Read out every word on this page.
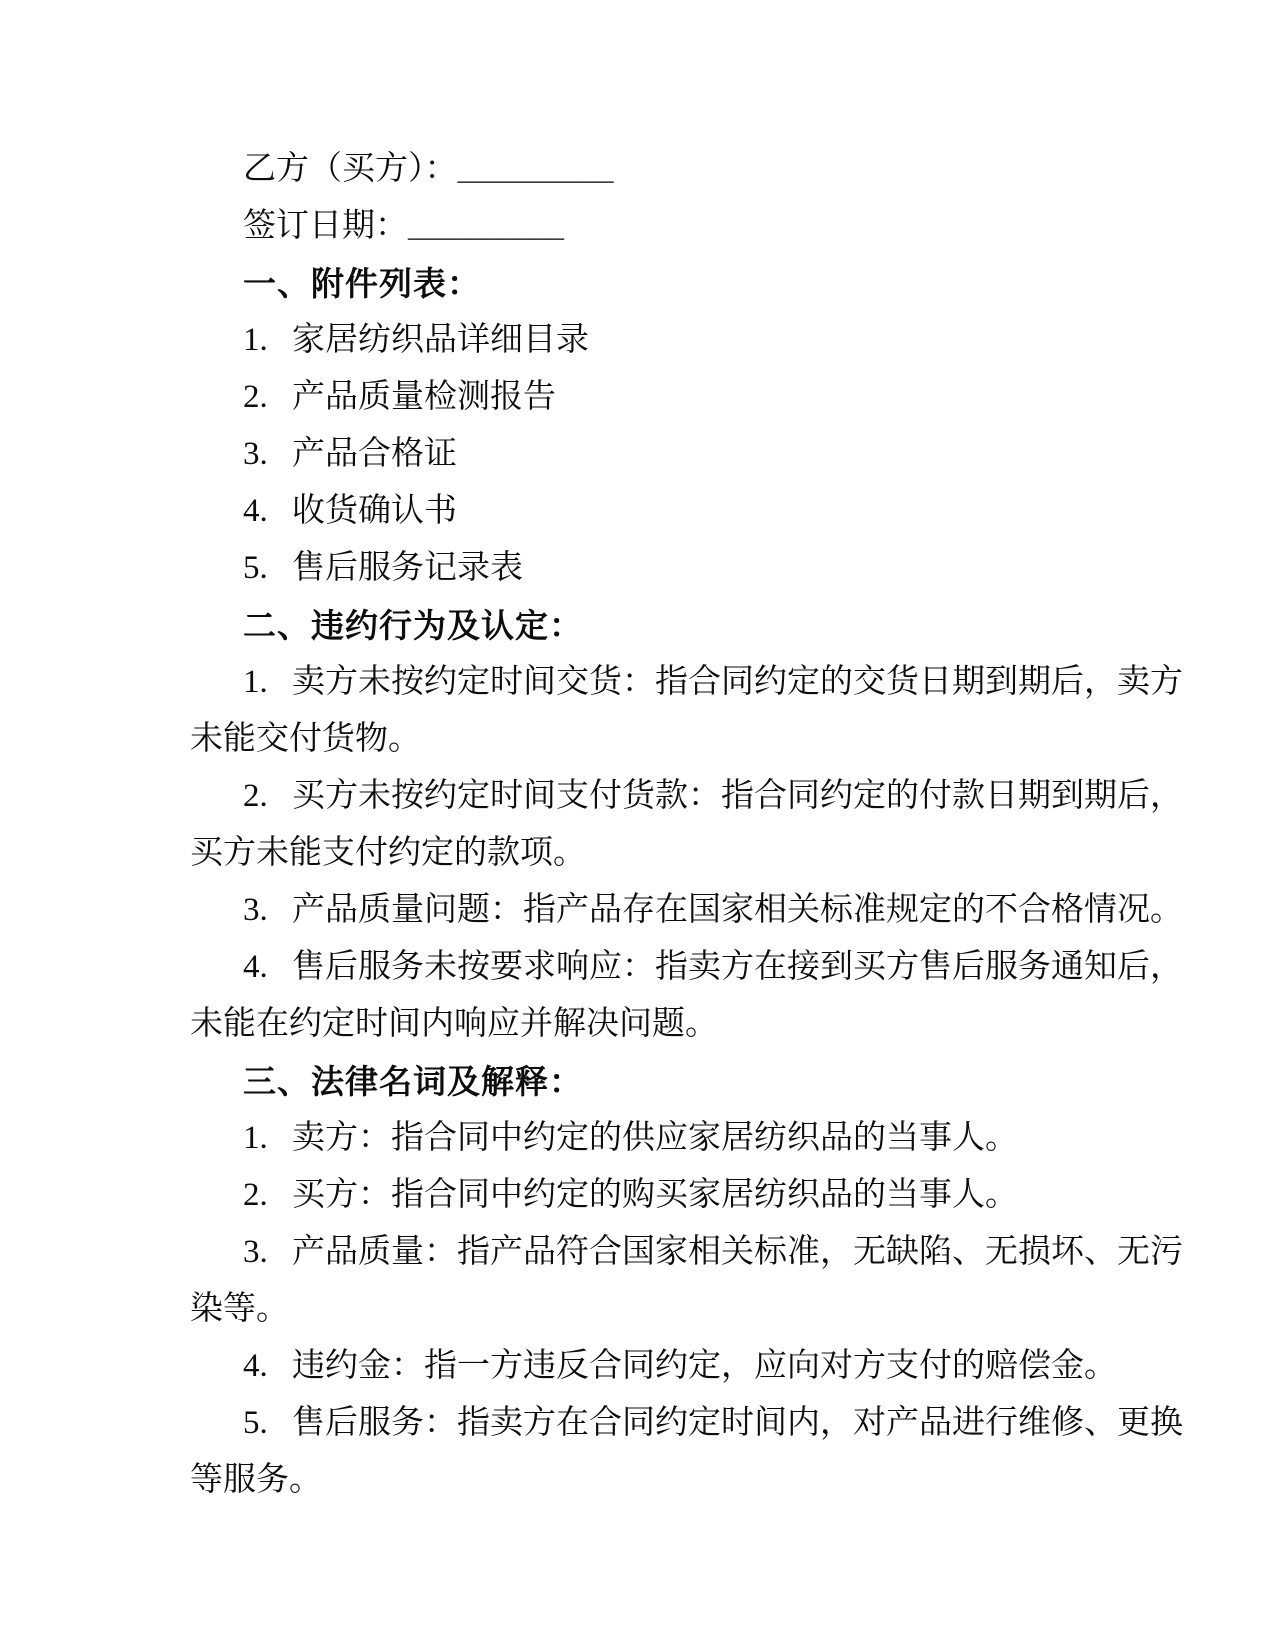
乙方（买方）：__________
签订日期：__________
一、附件列表：
1. 家居纺织品详细目录
2. 产品质量检测报告
3. 产品合格证
4. 收货确认书
5. 售后服务记录表
二、违约行为及认定：
1. 卖方未按约定时间交货：指合同约定的交货日期到期后，卖方
未能交付货物。
2. 买方未按约定时间支付货款：指合同约定的付款日期到期后，
买方未能支付约定的款项。
3. 产品质量问题：指产品存在国家相关标准规定的不合格情况。
4. 售后服务未按要求响应：指卖方在接到买方售后服务通知后，
未能在约定时间内响应并解决问题。
三、法律名词及解释：
1. 卖方：指合同中约定的供应家居纺织品的当事人。
2. 买方：指合同中约定的购买家居纺织品的当事人。
3. 产品质量：指产品符合国家相关标准，无缺陷、无损坏、无污
染等。
4. 违约金：指一方违反合同约定，应向对方支付的赔偿金。
5. 售后服务：指卖方在合同约定时间内，对产品进行维修、更换
等服务。
